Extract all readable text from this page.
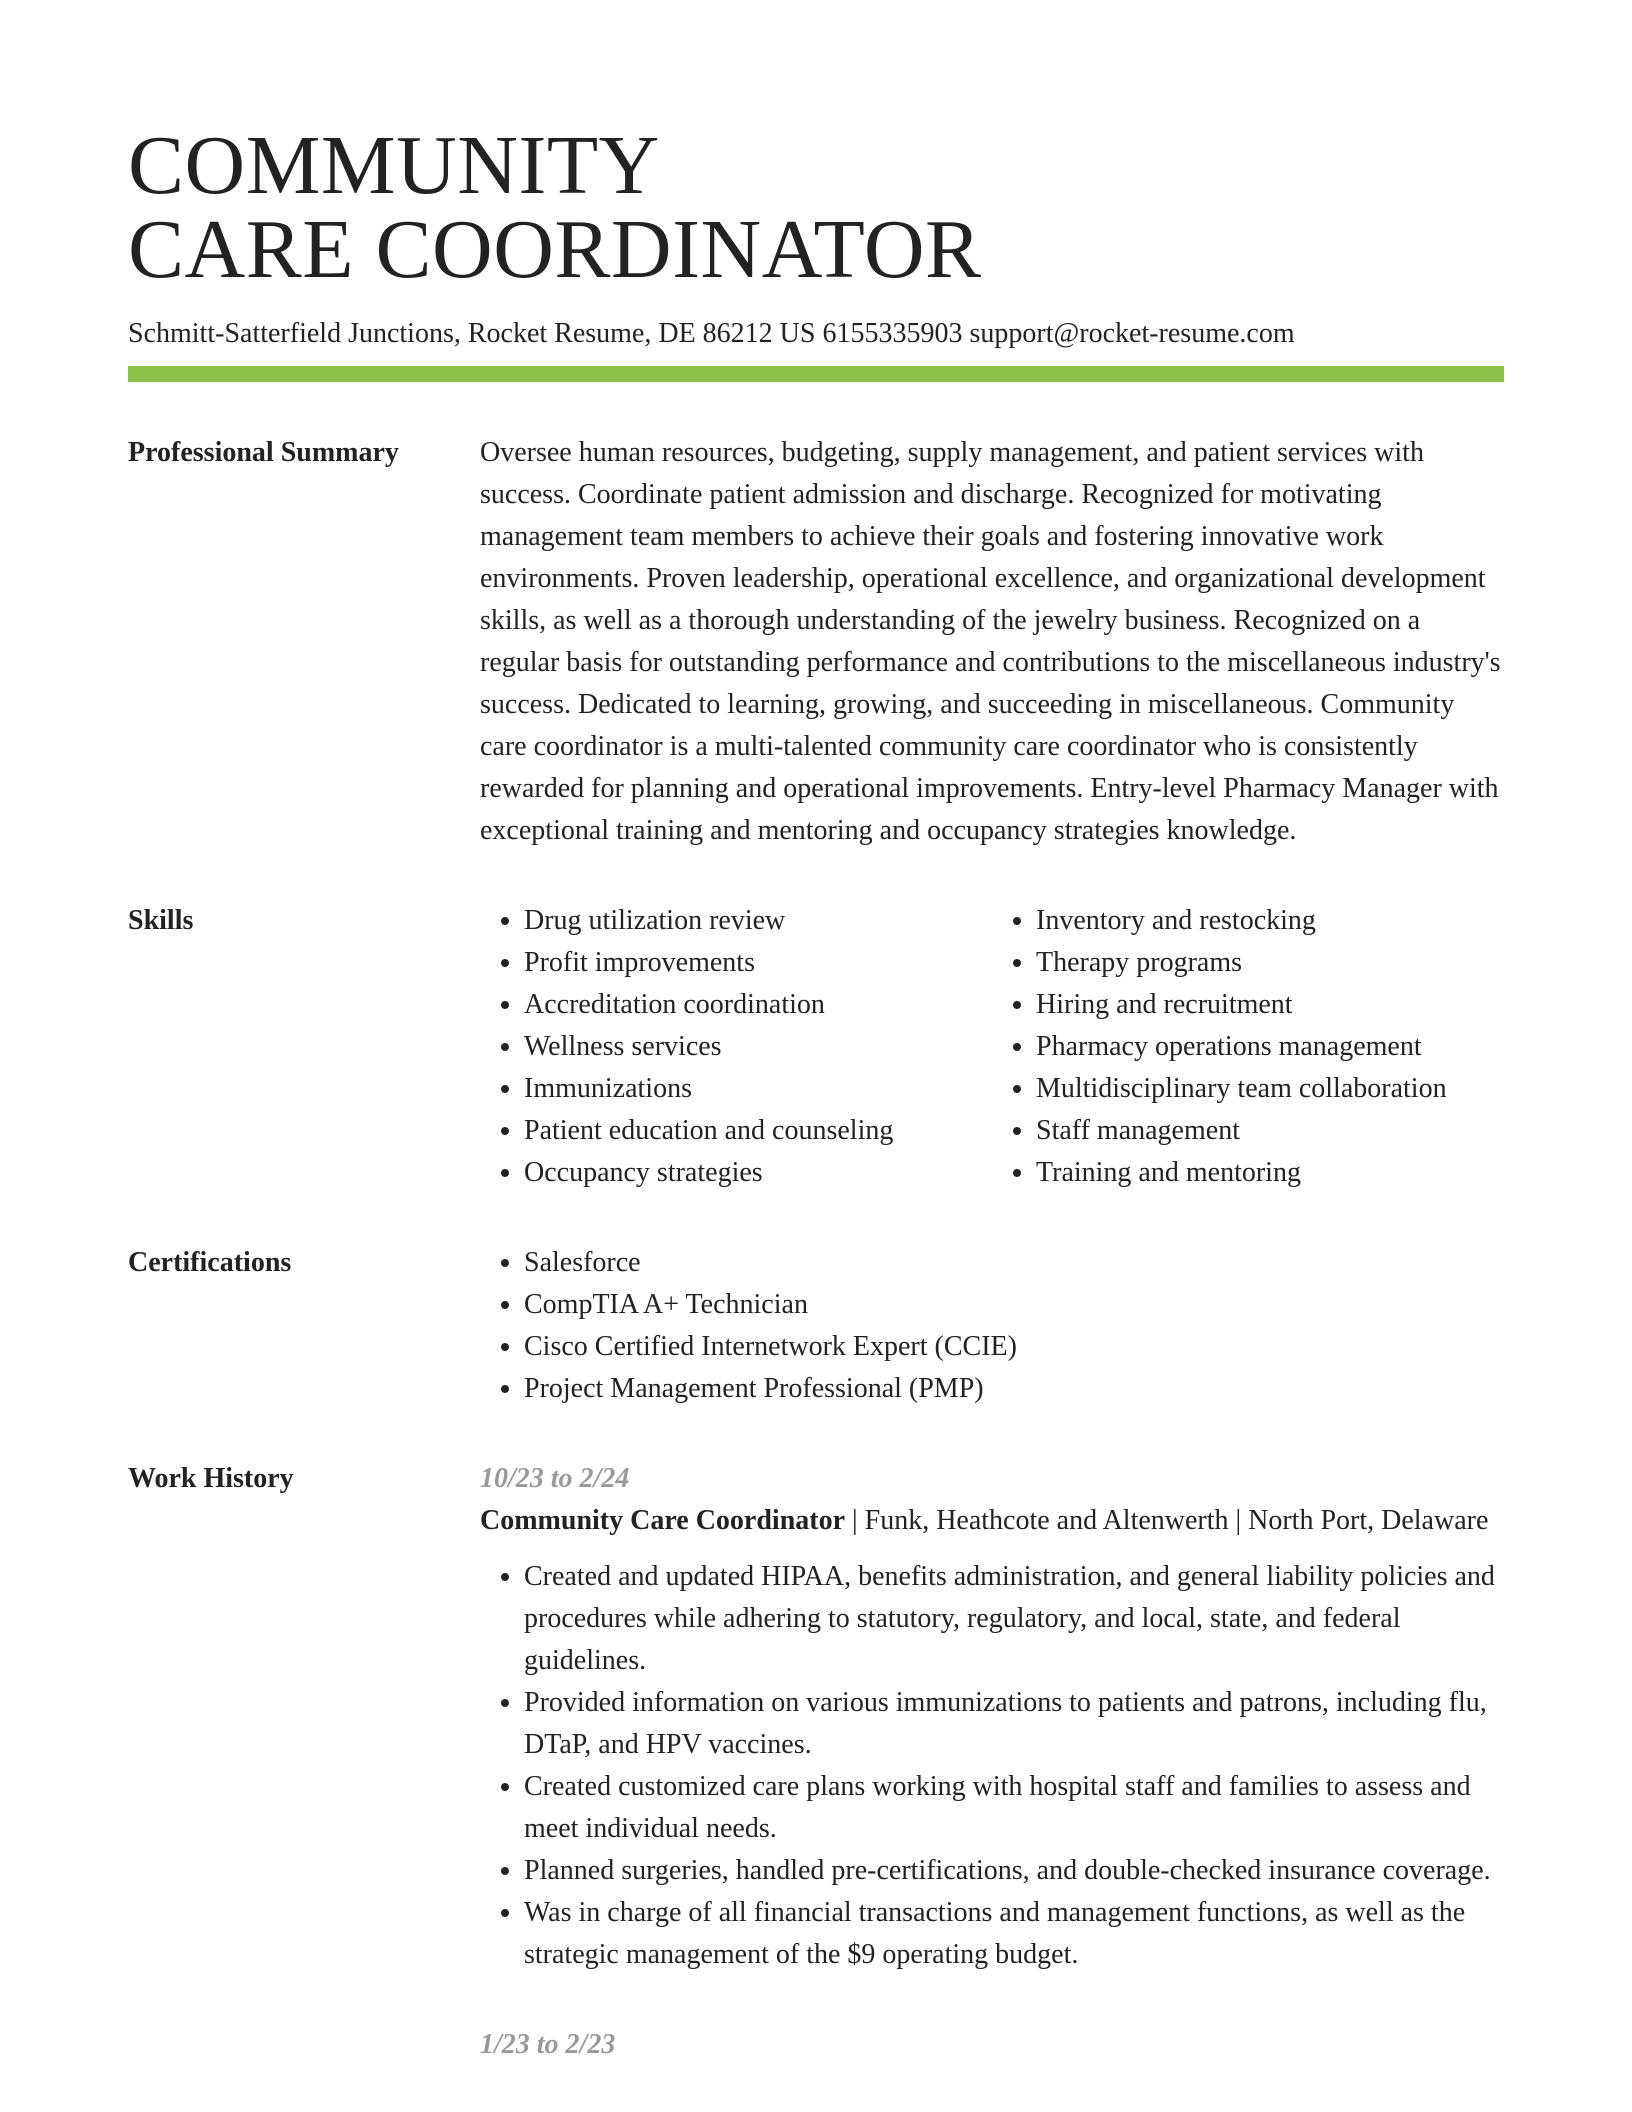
COMMUNITY
CARE COORDINATOR
Schmitt-Satterfield Junctions, Rocket Resume, DE 86212 US 6155335903 support@rocket-resume.com
Professional Summary	Oversee human resources, budgeting, supply management, and patient services with success. Coordinate patient admission and discharge. Recognized for motivating management team members to achieve their goals and fostering innovative work environments. Proven leadership, operational excellence, and organizational development skills, as well as a thorough understanding of the jewelry business. Recognized on a regular basis for outstanding performance and contributions to the miscellaneous industry's success. Dedicated to learning, growing, and succeeding in miscellaneous. Community care coordinator is a multi-talented community care coordinator who is consistently rewarded for planning and operational improvements. Entry-level Pharmacy Manager with exceptional training and mentoring and occupancy strategies knowledge.

Skills	• Drug utilization review
• Profit improvements
• Accreditation coordination
• Wellness services
• Immunizations
• Patient education and counseling
• Occupancy strategies
• Inventory and restocking
• Therapy programs
• Hiring and recruitment
• Pharmacy operations management
• Multidisciplinary team collaboration
• Staff management
• Training and mentoring
Certifications	• Salesforce
• CompTIA A+ Technician
• Cisco Certified Internetwork Expert (CCIE)
• Project Management Professional (PMP)
Work History	10/23 to 2/24
Community Care Coordinator | Funk, Heathcote and Altenwerth | North Port, Delaware
• Created and updated HIPAA, benefits administration, and general liability policies and procedures while adhering to statutory, regulatory, and local, state, and federal guidelines.
• Provided information on various immunizations to patients and patrons, including flu, DTaP, and HPV vaccines.
• Created customized care plans working with hospital staff and families to assess and meet individual needs.
• Planned surgeries, handled pre-certifications, and double-checked insurance coverage.
• Was in charge of all financial transactions and management functions, as well as the strategic management of the $9 operating budget.
1/23 to 2/23
